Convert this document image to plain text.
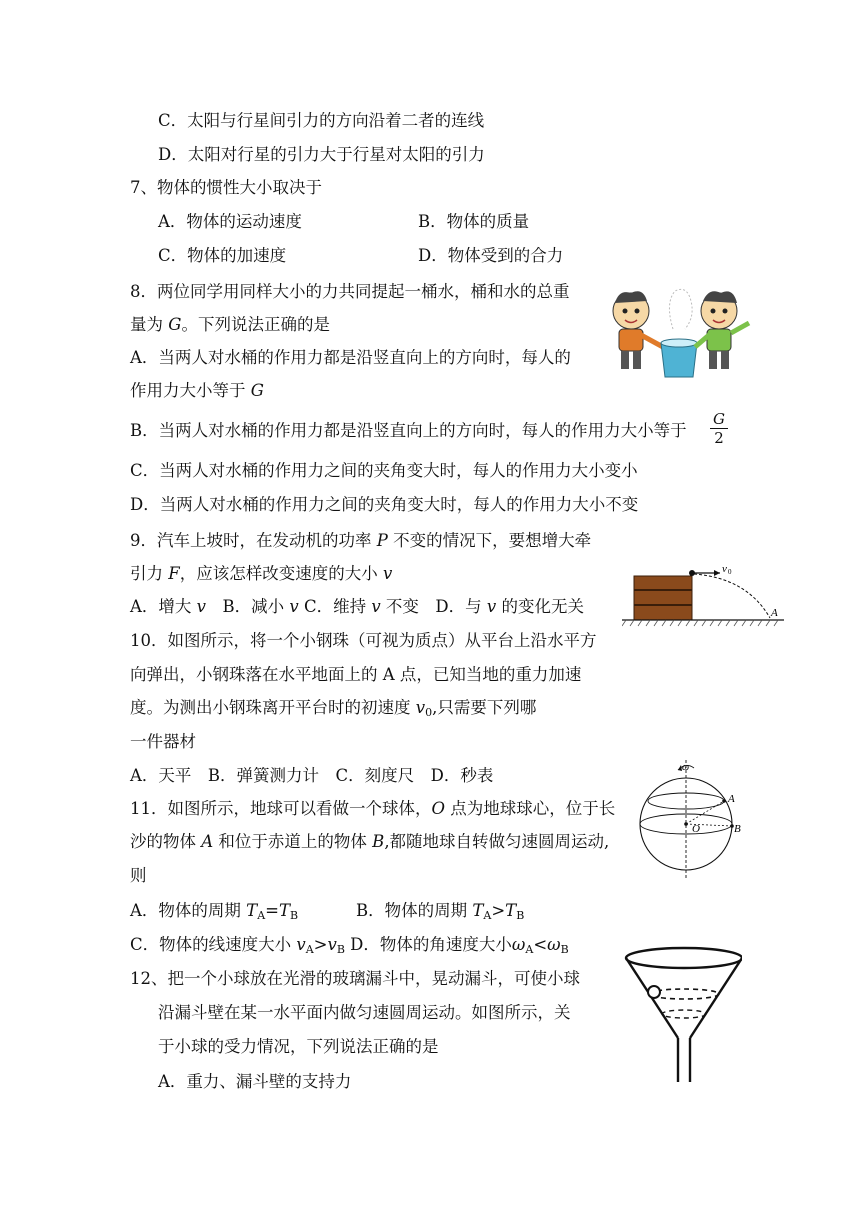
C．太阳与行星间引力的方向沿着二者的连线
D．太阳对行星的引力大于行星对太阳的引力
7、物体的惯性大小取决于
A．物体的运动速度	B．物体的质量
C．物体的加速度	D．物体受到的合力
8．两位同学用同样大小的力共同提起一桶水，桶和水的总重
量为 G。下列说法正确的是
A．当两人对水桶的作用力都是沿竖直向上的方向时，每人的
作用力大小等于 G
B．当两人对水桶的作用力都是沿竖直向上的方向时，每人的作用力大小等于 $\frac{G}{2}$
C．当两人对水桶的作用力之间的夹角变大时，每人的作用力大小变小
D．当两人对水桶的作用力之间的夹角变大时，每人的作用力大小不变
9．汽车上坡时，在发动机的功率 P 不变的情况下，要想增大牵
引力 F，应该怎样改变速度的大小 v
A．增大 v　B．减小 v C．维持 v 不变　D．与 v 的变化无关
10．如图所示，将一个小钢珠（可视为质点）从平台上沿水平方
向弹出，小钢珠落在水平地面上的 A 点，已知当地的重力加速
度。为测出小钢珠离开平台时的初速度 $v_0$,只需要下列哪
一件器材
A．天平　B．弹簧测力计　C．刻度尺　D．秒表
v 0
A
11．如图所示，地球可以看做一个球体，O 点为地球球心，位于长
沙的物体 A 和位于赤道上的物体 B,都随地球自转做匀速圆周运动,
则
A．物体的周期 $T_A=T_B$	B．物体的周期 $T_A>T_B$
C．物体的线速度大小 $v_A>v_B$ D．物体的角速度大小$\omega_A<\omega_B$
ω
A
B
O
12、把一个小球放在光滑的玻璃漏斗中，晃动漏斗，可使小球
沿漏斗壁在某一水平面内做匀速圆周运动。如图所示，关
于小球的受力情况，下列说法正确的是
A．重力、漏斗壁的支持力
